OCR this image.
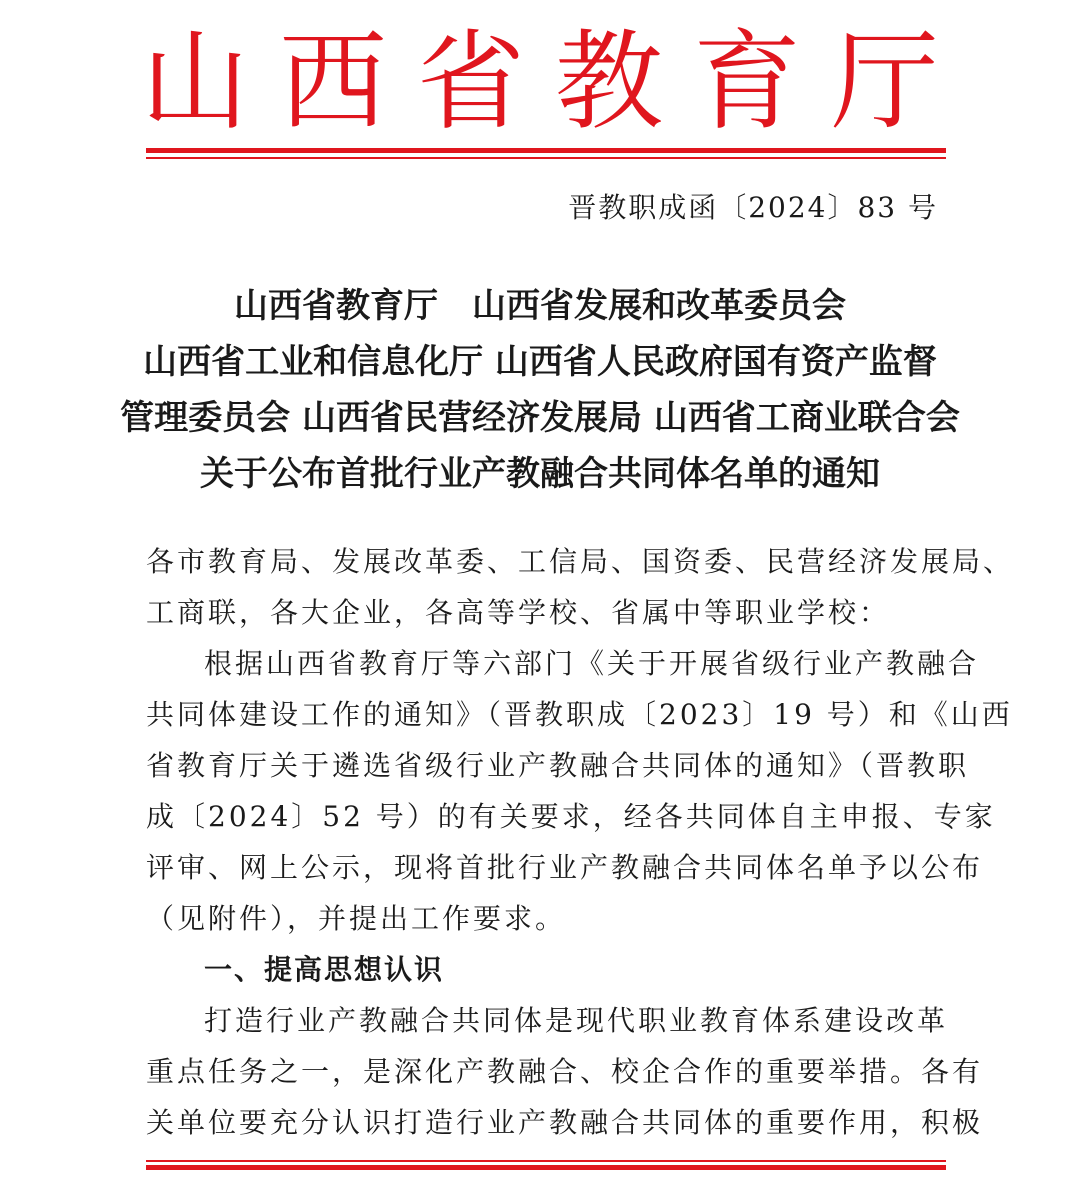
山西省教育厅
晋教职成函〔2024〕83 号
山西省教育厅　山西省发展和改革委员会
山西省工业和信息化厅 山西省人民政府国有资产监督
管理委员会 山西省民营经济发展局 山西省工商业联合会
关于公布首批行业产教融合共同体名单的通知
各市教育局、发展改革委、工信局、国资委、民营经济发展局、
工商联，各大企业，各高等学校、省属中等职业学校：
根据山西省教育厅等六部门《关于开展省级行业产教融合
共同体建设工作的通知》（晋教职成〔2023〕19 号）和《山西
省教育厅关于遴选省级行业产教融合共同体的通知》（晋教职
成〔2024〕52 号）的有关要求，经各共同体自主申报、专家
评审、网上公示，现将首批行业产教融合共同体名单予以公布
（见附件），并提出工作要求。
一、提高思想认识
打造行业产教融合共同体是现代职业教育体系建设改革
重点任务之一，是深化产教融合、校企合作的重要举措。各有
关单位要充分认识打造行业产教融合共同体的重要作用，积极
